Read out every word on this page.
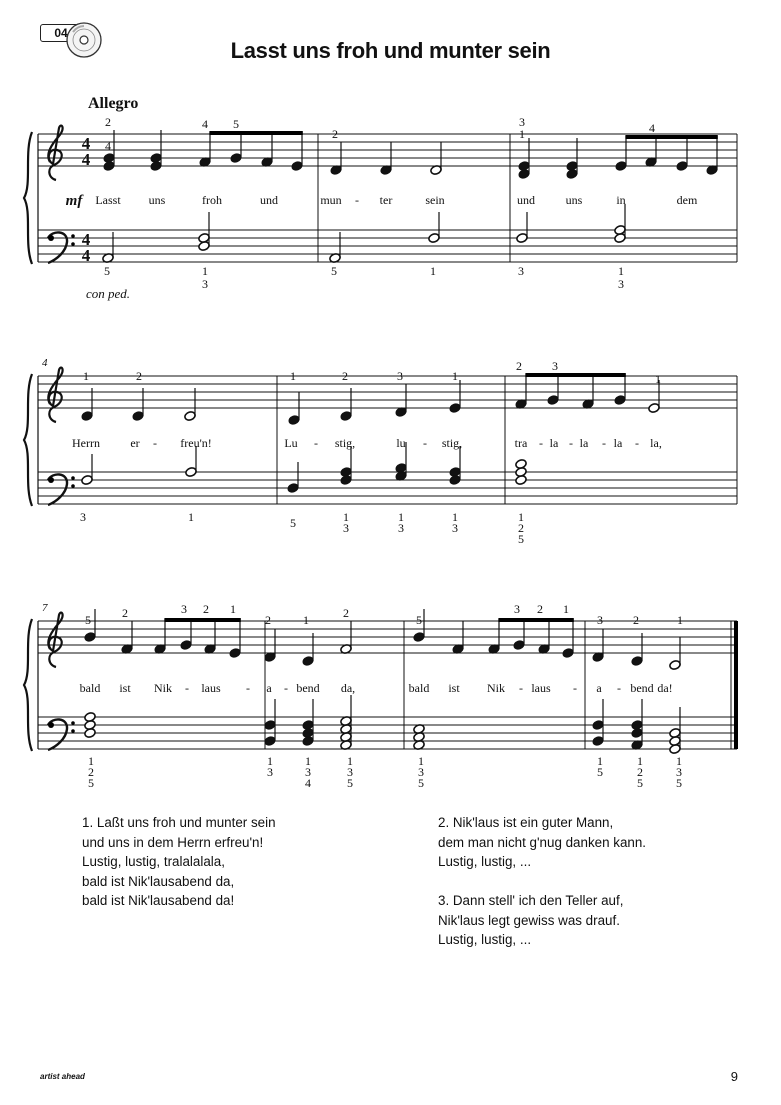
04
Lasst uns froh und munter sein
4
4
4
4
Allegro
mf
con ped.
Lasst uns	froh	und	mun - ter	sein	und	uns	in	dem
4
2	4 5
2
3
1	4
5	1
3
5	1	3	1
3
4
Herrn	er - freu'n!	Lu - stig,	lu - stig,	tra - la - la - la - la,
1	2	1	2	3	1
2	3
1
3	1	5	1
3
1
3
1
3
1
2
5
7
bald ist Nik - laus - a - bend da,	bald ist Nik - laus - a - bend da!
5	2	3 2 1
2	1	2	5
3 2 1
3	2	1
1
2
5
1
3
1
3
4
1
3
5
1
3
5
1
5
1
2
5
1
3
5
1. Laßt uns froh und munter sein
und uns in dem Herrn erfreu'n!
Lustig, lustig, tralalalala,
bald ist Nik'lausabend da,
bald ist Nik'lausabend da!
2. Nik'laus ist ein guter Mann,
dem man nicht g'nug danken kann.
Lustig, lustig, ...
3. Dann stell' ich den Teller auf,
Nik'laus legt gewiss was drauf.
Lustig, lustig, ...
artist ahead	9
